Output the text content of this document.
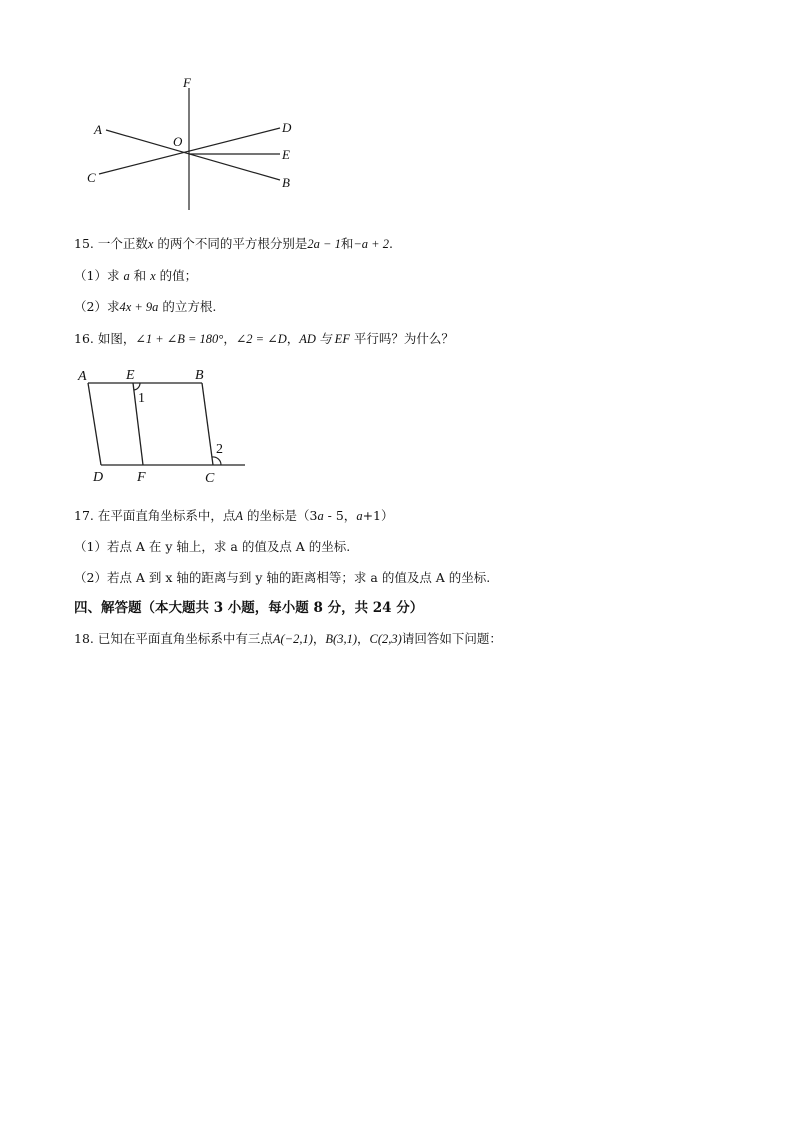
F
A
O
D
E
C	B
15. 一个正数x 的两个不同的平方根分别是2a − 1和−a + 2.
（1）求 a 和 x 的值；
（2）求4x + 9a 的立方根.
16. 如图，∠1 + ∠B = 180°，∠2 = ∠D，AD 与 EF 平行吗？为什么？
A	E	B
1
2
D F	C
17. 在平面直角坐标系中，点A 的坐标是（3a - 5，a+1）
（1）若点 A 在 y 轴上，求 a 的值及点 A 的坐标.
（2）若点 A 到 x 轴的距离与到 y 轴的距离相等；求 a 的值及点 A 的坐标.
四、解答题（本大题共 3 小题，每小题 8 分，共 24 分）
18. 已知在平面直角坐标系中有三点A(−2,1)，B(3,1)，C(2,3)请回答如下问题：
